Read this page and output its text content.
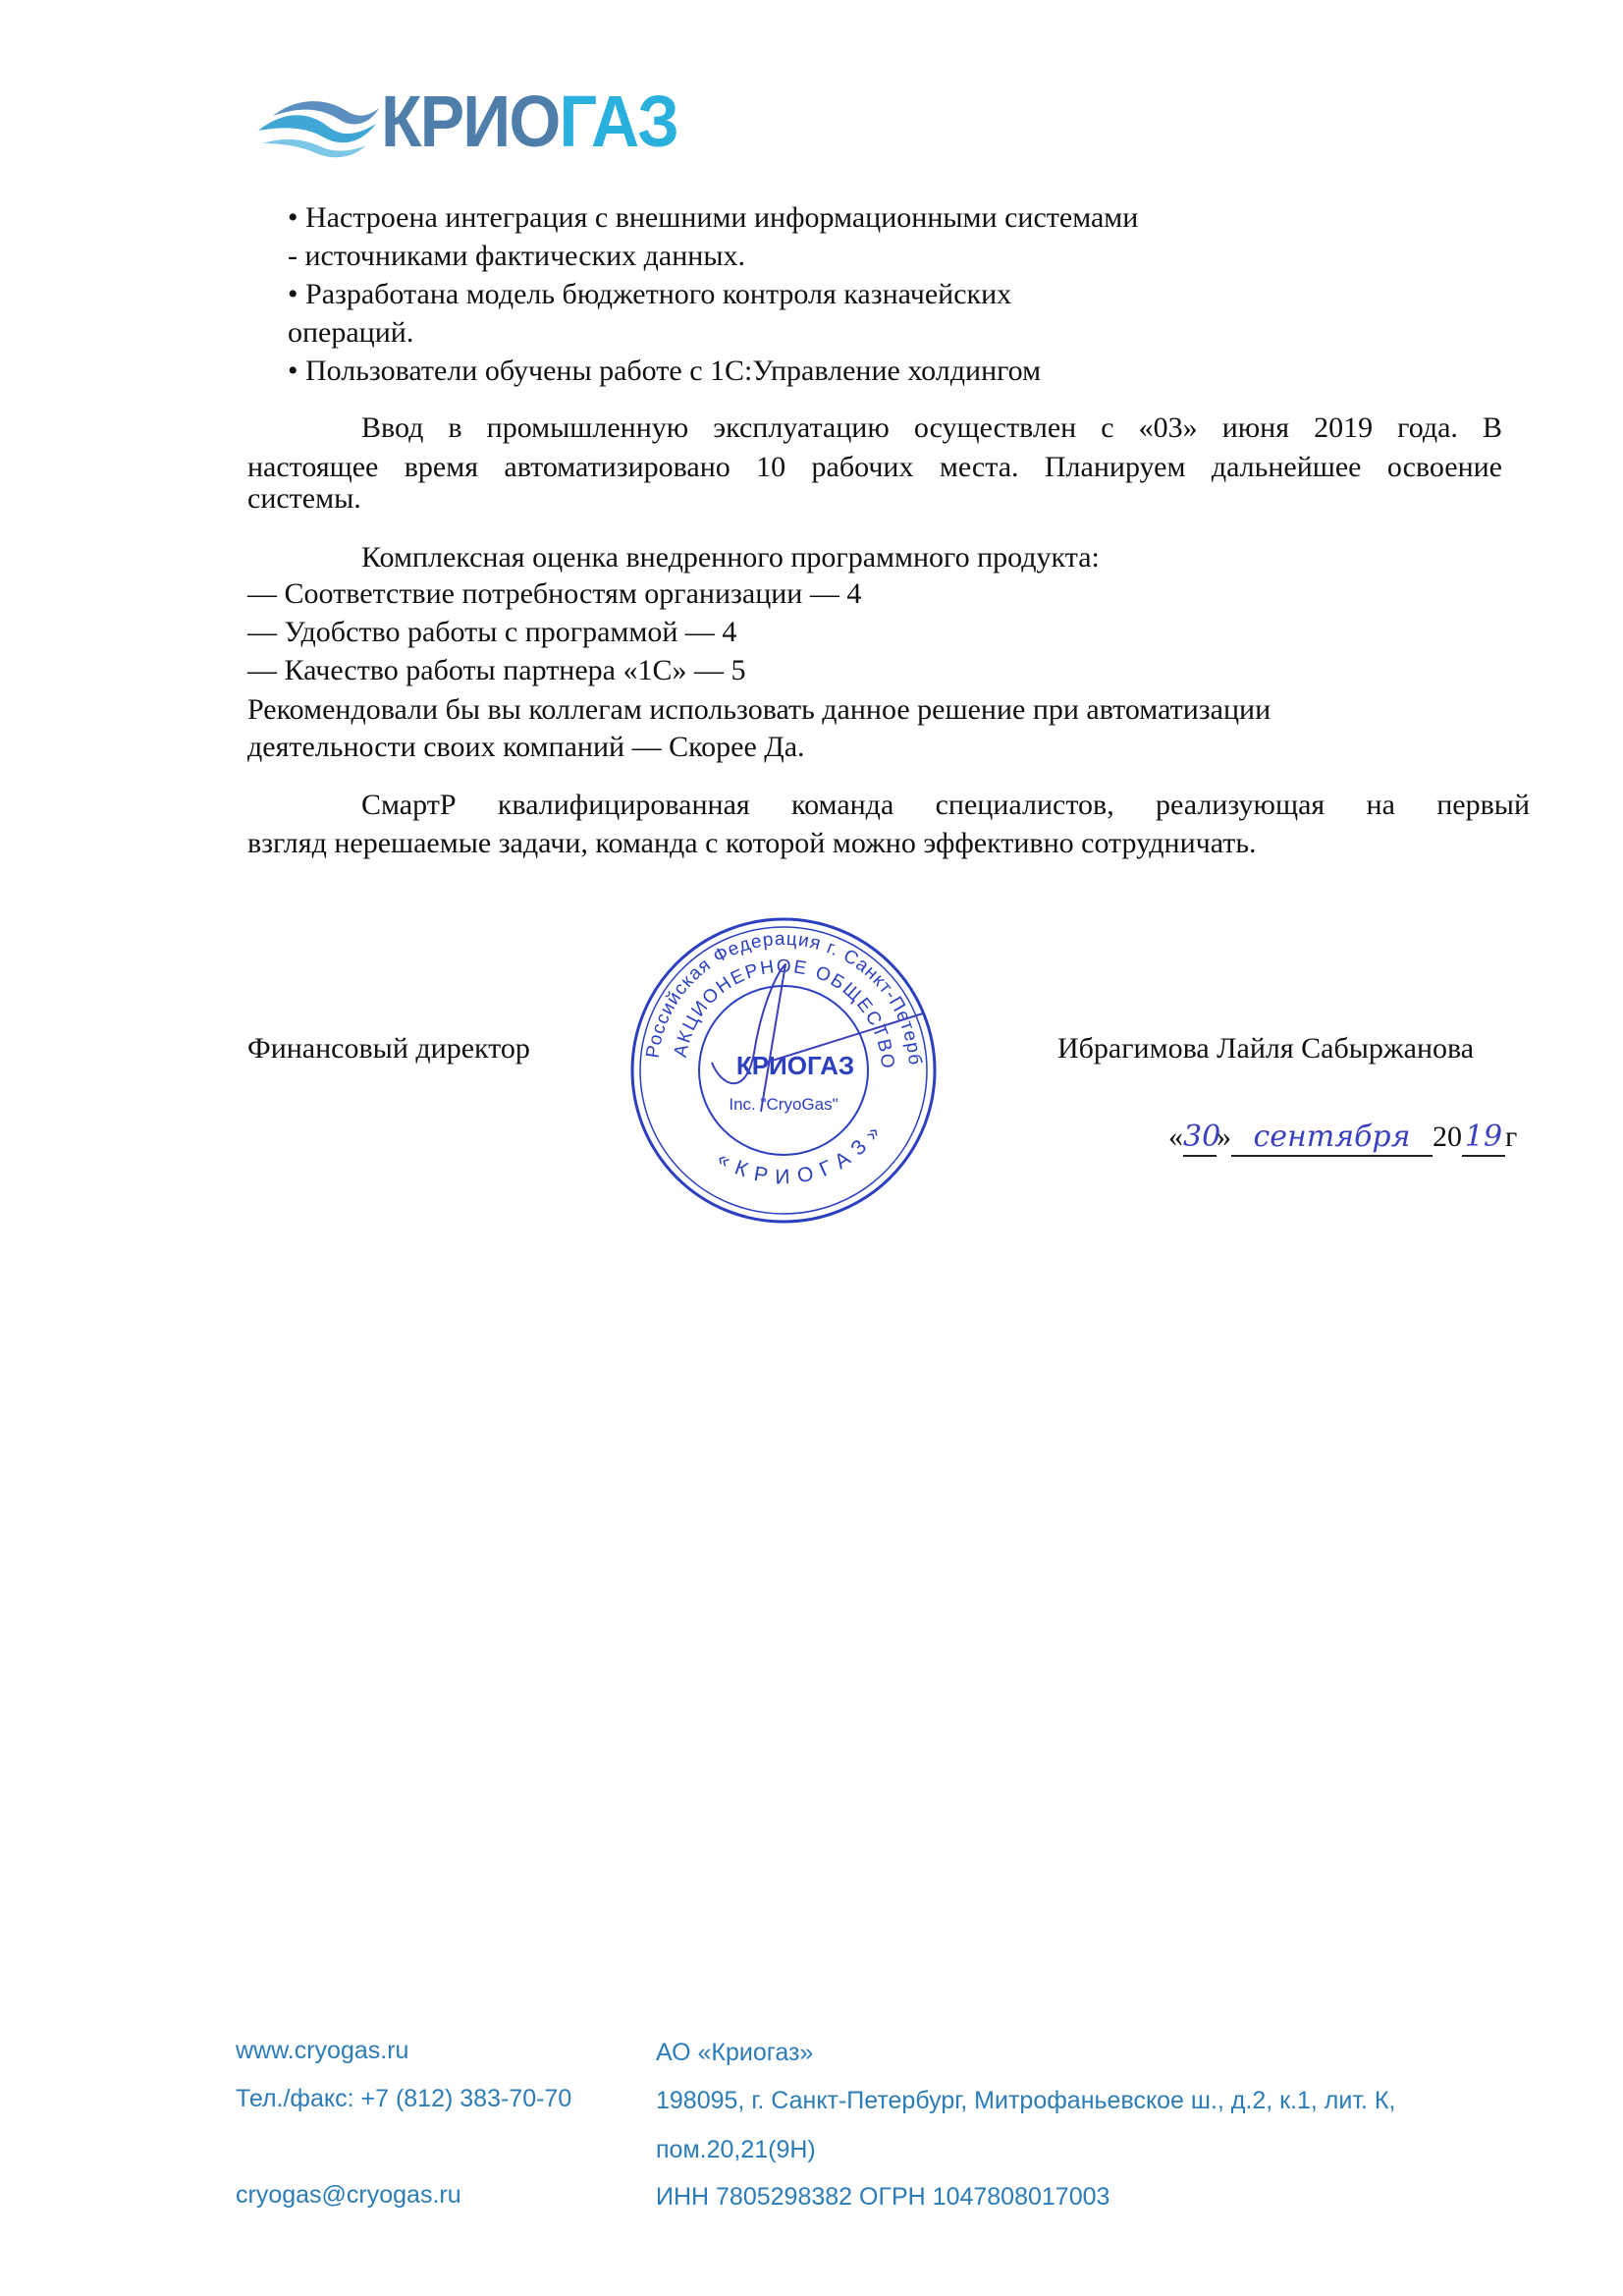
КРИОГАЗ
• Настроена интеграция с внешними информационными системами
- источниками фактических данных.
• Разработана модель бюджетного контроля казначейских
операций.
• Пользователи обучены работе с 1С:Управление холдингом
Ввод в промышленную эксплуатацию осуществлен с «03» июня 2019 года. В
настоящее время автоматизировано 10 рабочих места. Планируем дальнейшее освоение
системы.
Комплексная оценка внедренного программного продукта:
— Соответствие потребностям организации — 4
— Удобство работы с программой — 4
— Качество работы партнера «1С» — 5
Рекомендовали бы вы коллегам использовать данное решение при автоматизации
деятельности своих компаний — Скорее Да.
СмартР квалифицированная команда специалистов, реализующая на первый
взгляд нерешаемые задачи, команда с которой можно эффективно сотрудничать.
Финансовый директор	Российская Федерация г. Санкт-Петерб
АКЦИОНЕРНОЕ ОБЩЕСТВО
«КРИОГАЗ»
КРИОГАЗ
Inc. "CryoGas"
Ибрагимова Лайля Сабыржанова
«30» сентября 2019г
www.cryogas.ru
Тел./факс: +7 (812) 383-70-70
cryogas@cryogas.ru
АО «Криогаз»
198095, г. Санкт-Петербург, Митрофаньевское ш., д.2, к.1, лит. К,
пом.20,21(9Н)
ИНН 7805298382 ОГРН 1047808017003
